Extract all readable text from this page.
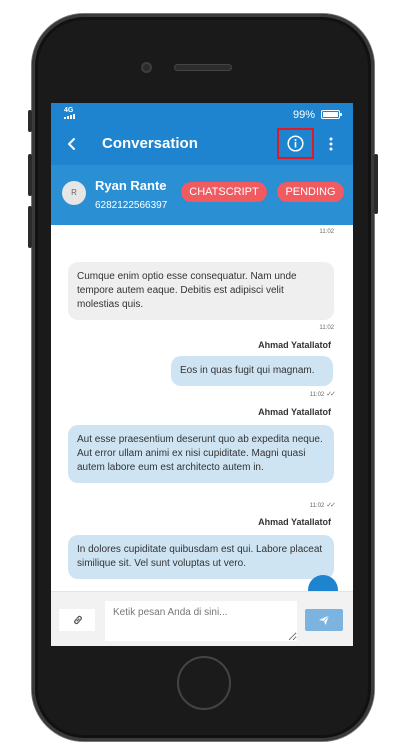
4G	99%
Conversation
R	Ryan Rante
6282122566397
CHATSCRIPT	PENDING
11:02
Cumque enim optio esse consequatur. Nam unde tempore autem eaque. Debitis est adipisci velit molestias quis.
11:02
Ahmad Yatallatof
Eos in quas fugit qui magnam.
11:02 ✓✓
Ahmad Yatallatof
Aut esse praesentium deserunt quo ab expedita neque. Aut error ullam animi ex nisi cupiditate. Magni quasi autem labore eum est architecto autem in.
11:02 ✓✓
Ahmad Yatallatof
In dolores cupiditate quibusdam est qui. Labore placeat similique sit. Vel sunt voluptas ut vero.
Ketik pesan Anda di sini...
